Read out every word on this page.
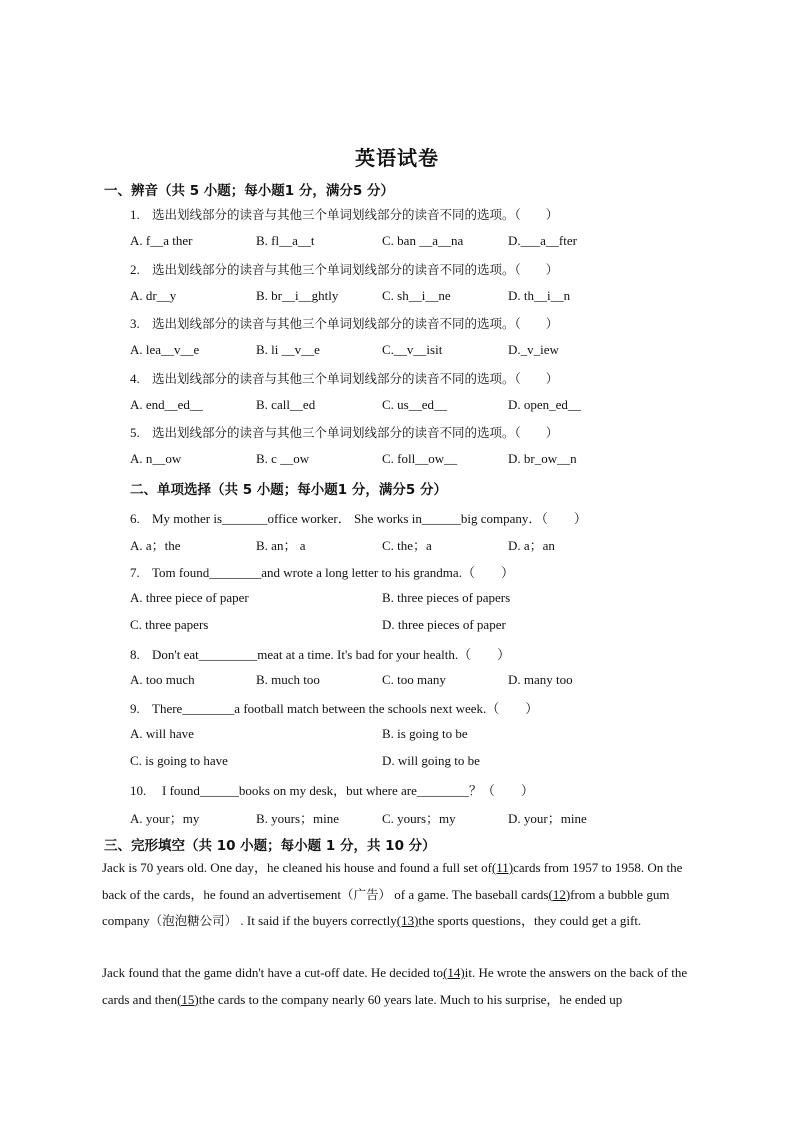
英语试卷
一、辨音（共 5 小题；每小题1 分，满分5 分）
1. 选出划线部分的读音与其他三个单词划线部分的读音不同的选项。（　　）
A. f__a ther	B. fl__a__t	C. ban __a__na	D.___a__fter
2. 选出划线部分的读音与其他三个单词划线部分的读音不同的选项。（　　）
A. dr__y	B. br__i__ghtly	C. sh__i__ne	D. th__i__n
3. 选出划线部分的读音与其他三个单词划线部分的读音不同的选项。（　　）
A. lea__v__e	B. li __v__e	C.__v__isit	D._v_iew
4. 选出划线部分的读音与其他三个单词划线部分的读音不同的选项。（　　）
A. end__ed__	B. call__ed	C. us__ed__	D. open_ed__
5. 选出划线部分的读音与其他三个单词划线部分的读音不同的选项。（　　）
A. n__ow	B. c __ow	C. foll__ow__	D. br_ow__n
二、单项选择（共 5 小题；每小题1 分，满分5 分）
6. My mother is_______office worker． She works in______big company．（　　）
A. a；the	B. an； a	C. the；a	D. a；an
7. Tom found________and wrote a long letter to his grandma.（　　）
A. three piece of paper	B. three pieces of papers
C. three papers	D. three pieces of paper
8. Don't eat_________meat at a time. It's bad for your health.（　　）
A. too much	B. much too	C. too many	D. many too
9. There________a football match between the schools next week.（　　）
A. will have	B. is going to be
C. is going to have	D. will going to be
10. I found______books on my desk，but where are________？（　　）
A. your；my	B. yours；mine	C. yours；my	D. your；mine
三、完形填空（共 10 小题；每小题 1 分，共 10 分）
Jack is 70 years old. One day，he cleaned his house and found a full set of(11)cards from 1957 to 1958. On the back of the cards，he found an advertisement（广告） of a game. The baseball cards(12)from a bubble gum company（泡泡糖公司） . It said if the buyers correctly(13)the sports questions，they could get a gift.
Jack found that the game didn't have a cut-off date. He decided to(14)it. He wrote the answers on the back of the cards and then(15)the cards to the company nearly 60 years late. Much to his surprise，he ended up
